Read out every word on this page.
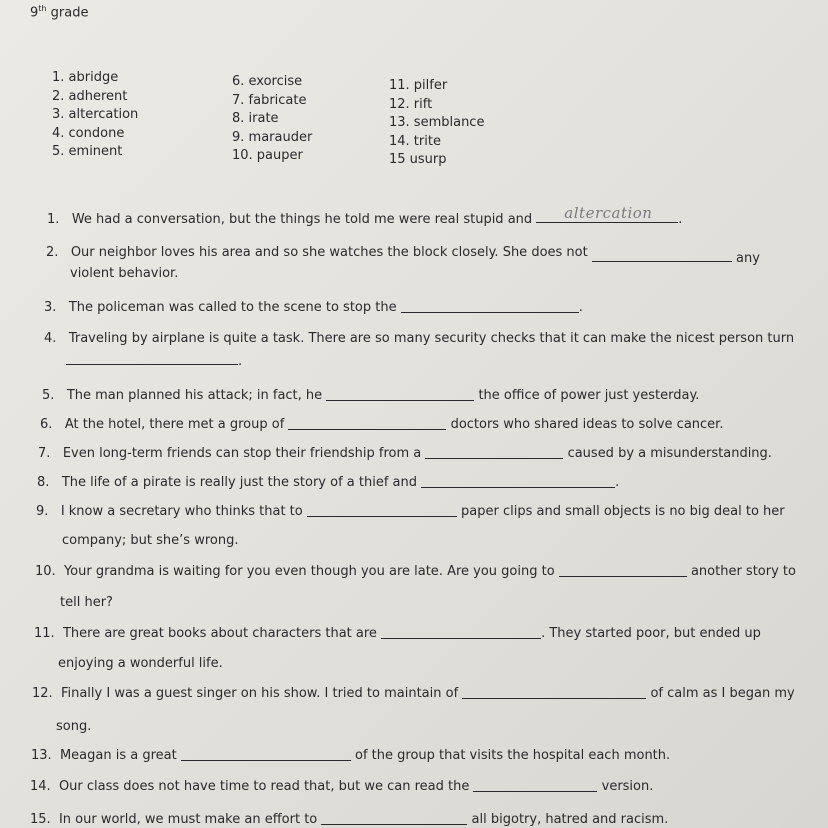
9th grade
1. abridge
2. adherent
3. altercation
4. condone
5. eminent
6. exorcise
7. fabricate
8. irate
9. marauder
10. pauper
11. pilfer
12. rift
13. semblance
14. trite
15 usurp
1. We had a conversation, but the things he told me were real stupid and altercation .
2. Our neighbor loves his area and so she watches the block closely. She does not	any
violent behavior.
3. The policeman was called to the scene to stop the	.
4. Traveling by airplane is quite a task. There are so many security checks that it can make the nicest person turn
.
5. The man planned his attack; in fact, he	the office of power just yesterday.
6. At the hotel, there met a group of	doctors who shared ideas to solve cancer.
7. Even long-term friends can stop their friendship from a	caused by a misunderstanding.
8. The life of a pirate is really just the story of a thief and	.
9. I know a secretary who thinks that to	paper clips and small objects is no big deal to her
company; but she’s wrong.
10. Your grandma is waiting for you even though you are late. Are you going to	another story to
tell her?
11. There are great books about characters that are	. They started poor, but ended up
enjoying a wonderful life.
12. Finally I was a guest singer on his show. I tried to maintain of	of calm as I began my
song.
13. Meagan is a great	of the group that visits the hospital each month.
14. Our class does not have time to read that, but we can read the	version.
15. In our world, we must make an effort to	all bigotry, hatred and racism.
